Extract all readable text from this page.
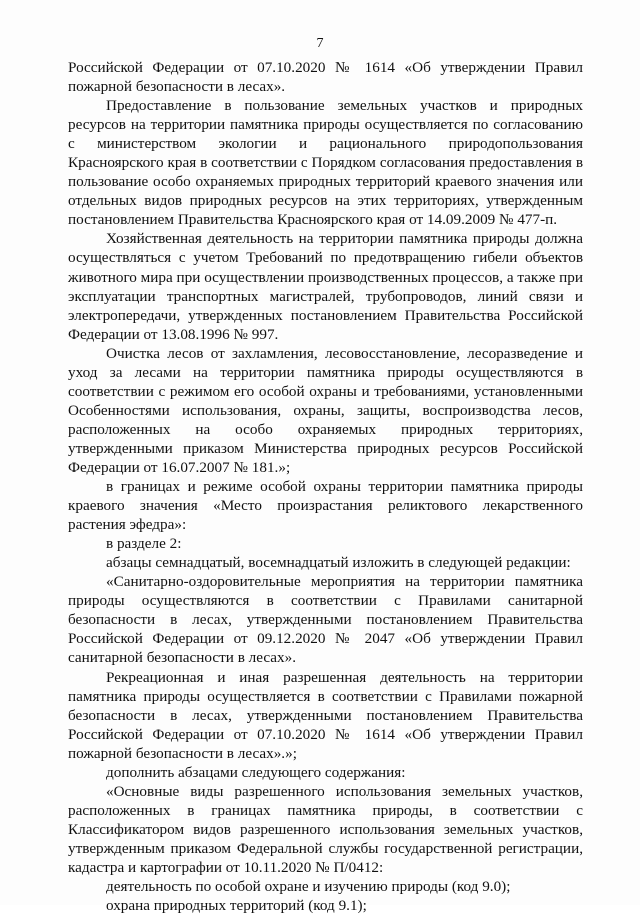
7

Российской Федерации от 07.10.2020 № 1614 «Об утверждении Правил пожарной безопасности в лесах».

Предоставление в пользование земельных участков и природных ресурсов на территории памятника природы осуществляется по согласованию с министерством экологии и рационального природопользования Красноярского края в соответствии с Порядком согласования предоставления в пользование особо охраняемых природных территорий краевого значения или отдельных видов природных ресурсов на этих территориях, утвержденным постановлением Правительства Красноярского края от 14.09.2009 № 477-п.

Хозяйственная деятельность на территории памятника природы должна осуществляться с учетом Требований по предотвращению гибели объектов животного мира при осуществлении производственных процессов, а также при эксплуатации транспортных магистралей, трубопроводов, линий связи и электропередачи, утвержденных постановлением Правительства Российской Федерации от 13.08.1996 № 997.

Очистка лесов от захламления, лесовосстановление, лесоразведение и уход за лесами на территории памятника природы осуществляются в соответствии с режимом его особой охраны и требованиями, установленными Особенностями использования, охраны, защиты, воспроизводства лесов, расположенных на особо охраняемых природных территориях, утвержденными приказом Министерства природных ресурсов Российской Федерации от 16.07.2007 № 181.»;

в границах и режиме особой охраны территории памятника природы краевого значения «Место произрастания реликтового лекарственного растения эфедра»:

в разделе 2:

абзацы семнадцатый, восемнадцатый изложить в следующей редакции:

«Санитарно-оздоровительные мероприятия на территории памятника природы осуществляются в соответствии с Правилами санитарной безопасности в лесах, утвержденными постановлением Правительства Российской Федерации от 09.12.2020 № 2047 «Об утверждении Правил санитарной безопасности в лесах».

Рекреационная и иная разрешенная деятельность на территории памятника природы осуществляется в соответствии с Правилами пожарной безопасности в лесах, утвержденными постановлением Правительства Российской Федерации от 07.10.2020 № 1614 «Об утверждении Правил пожарной безопасности в лесах».»;

дополнить абзацами следующего содержания:

«Основные виды разрешенного использования земельных участков, расположенных в границах памятника природы, в соответствии с Классификатором видов разрешенного использования земельных участков, утвержденным приказом Федеральной службы государственной регистрации, кадастра и картографии от 10.11.2020 № П/0412:

деятельность по особой охране и изучению природы (код 9.0);

охрана природных территорий (код 9.1);
